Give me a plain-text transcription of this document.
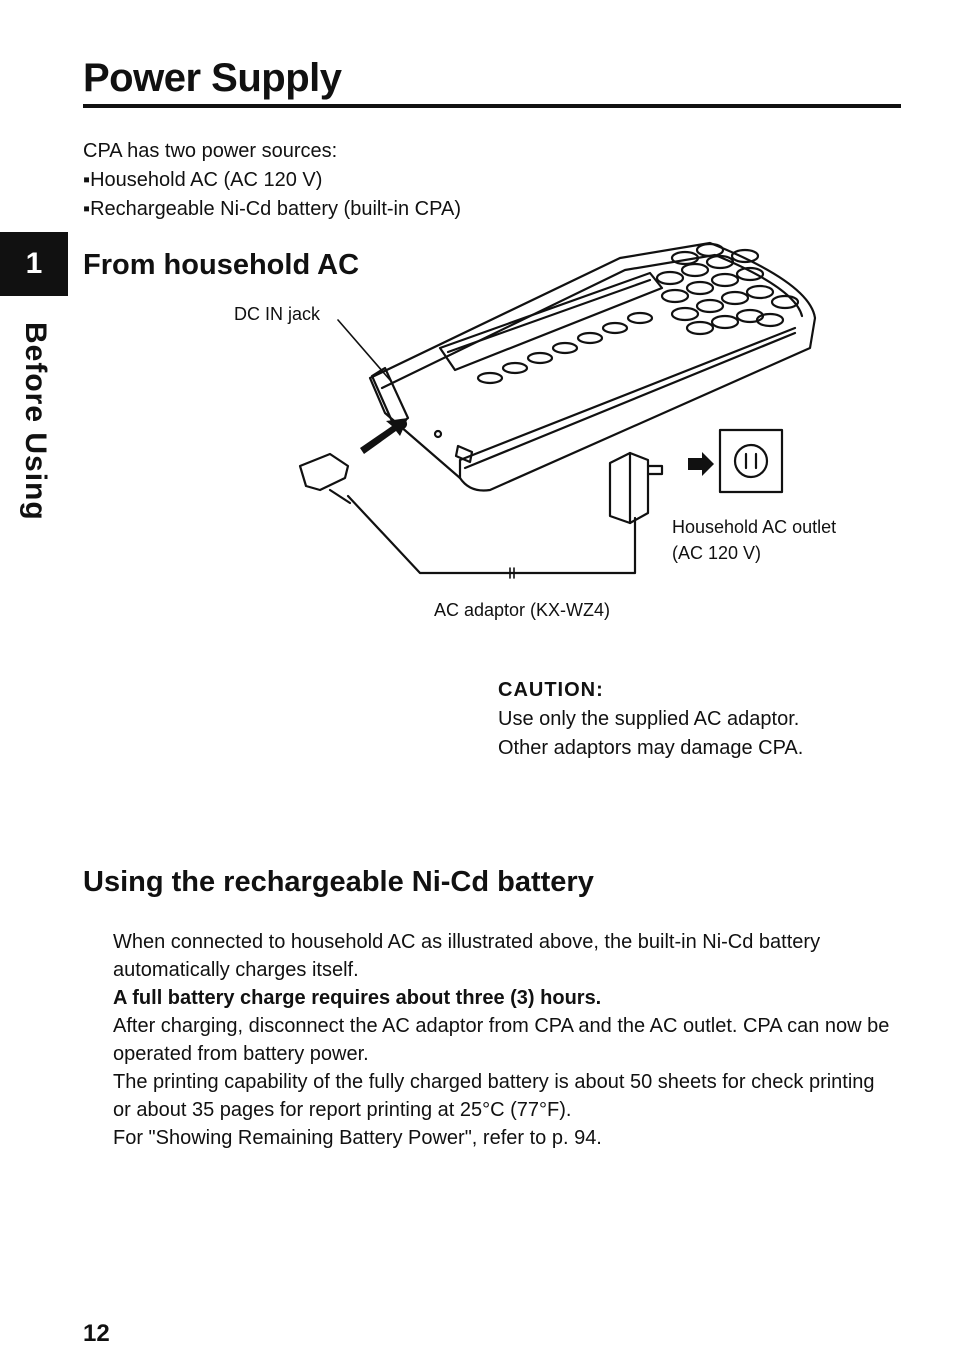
Power Supply

CPA has two power sources:

▪Household AC (AC 120 V)

▪Rechargeable Ni-Cd battery (built-in CPA)

1
Before Using
From household AC
DC IN jack

Household AC outlet

(AC 120 V)

AC adaptor (KX-WZ4)

CAUTION:

Use only the supplied AC adaptor.

Other adaptors may damage CPA.

Using the rechargeable Ni-Cd battery

When connected to household AC as illustrated above, the built-in Ni-Cd battery automatically charges itself.

A full battery charge requires about three (3) hours.

After charging, disconnect the AC adaptor from CPA and the AC outlet. CPA can now be operated from battery power.

The printing capability of the fully charged battery is about 50 sheets for check printing or about 35 pages for report printing at 25°C (77°F).

For "Showing Remaining Battery Power", refer to p. 94.

12
